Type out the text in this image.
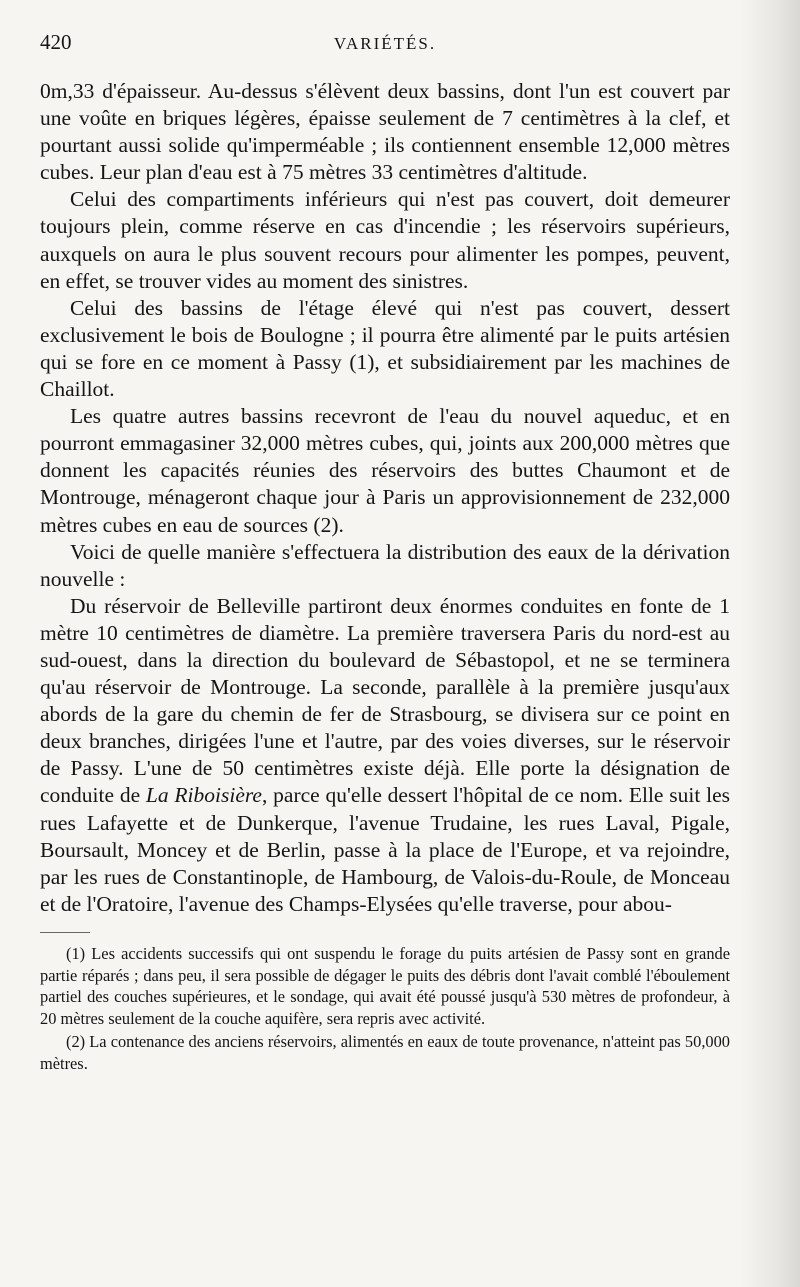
420	VARIÉTÉS.

0m,33 d'épaisseur. Au-dessus s'élèvent deux bassins, dont l'un est couvert par une voûte en briques légères, épaisse seulement de 7 centimètres à la clef, et pourtant aussi solide qu'imperméable ; ils contiennent ensemble 12,000 mètres cubes. Leur plan d'eau est à 75 mètres 33 centimètres d'altitude.

Celui des compartiments inférieurs qui n'est pas couvert, doit demeurer toujours plein, comme réserve en cas d'incendie ; les réservoirs supérieurs, auxquels on aura le plus souvent recours pour alimenter les pompes, peuvent, en effet, se trouver vides au moment des sinistres.

Celui des bassins de l'étage élevé qui n'est pas couvert, dessert exclusivement le bois de Boulogne ; il pourra être alimenté par le puits artésien qui se fore en ce moment à Passy (1), et subsidiairement par les machines de Chaillot.

Les quatre autres bassins recevront de l'eau du nouvel aqueduc, et en pourront emmagasiner 32,000 mètres cubes, qui, joints aux 200,000 mètres que donnent les capacités réunies des réservoirs des buttes Chaumont et de Montrouge, ménageront chaque jour à Paris un approvisionnement de 232,000 mètres cubes en eau de sources (2).

Voici de quelle manière s'effectuera la distribution des eaux de la dérivation nouvelle :

Du réservoir de Belleville partiront deux énormes conduites en fonte de 1 mètre 10 centimètres de diamètre. La première traversera Paris du nord-est au sud-ouest, dans la direction du boulevard de Sébastopol, et ne se terminera qu'au réservoir de Montrouge. La seconde, parallèle à la première jusqu'aux abords de la gare du chemin de fer de Strasbourg, se divisera sur ce point en deux branches, dirigées l'une et l'autre, par des voies diverses, sur le réservoir de Passy. L'une de 50 centimètres existe déjà. Elle porte la désignation de conduite de La Riboisière, parce qu'elle dessert l'hôpital de ce nom. Elle suit les rues Lafayette et de Dunkerque, l'avenue Trudaine, les rues Laval, Pigale, Boursault, Moncey et de Berlin, passe à la place de l'Europe, et va rejoindre, par les rues de Constantinople, de Hambourg, de Valois-du-Roule, de Monceau et de l'Oratoire, l'avenue des Champs-Elysées qu'elle traverse, pour abou-

(1) Les accidents successifs qui ont suspendu le forage du puits artésien de Passy sont en grande partie réparés ; dans peu, il sera possible de dégager le puits des débris dont l'avait comblé l'éboulement partiel des couches supérieures, et le sondage, qui avait été poussé jusqu'à 530 mètres de profondeur, à 20 mètres seulement de la couche aquifère, sera repris avec activité.

(2) La contenance des anciens réservoirs, alimentés en eaux de toute provenance, n'atteint pas 50,000 mètres.
